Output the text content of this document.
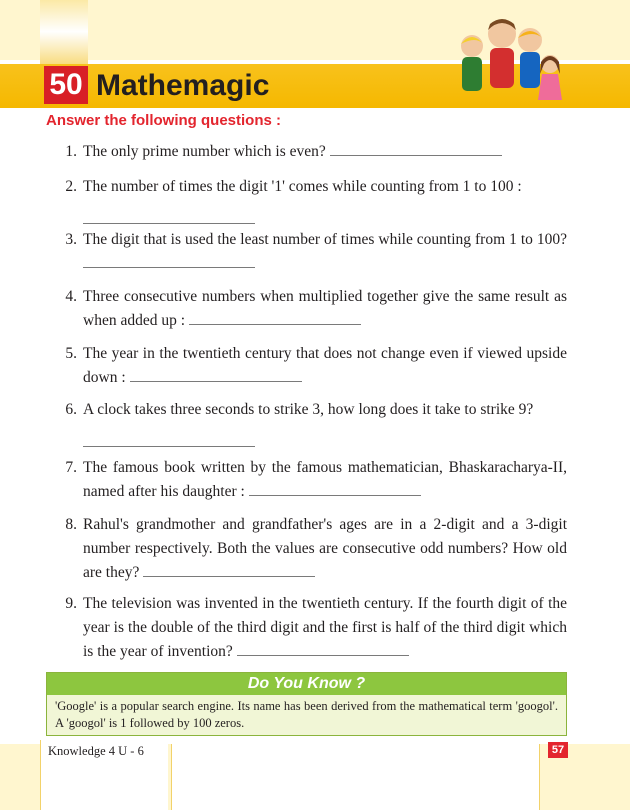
50 Mathemagic
Answer the following questions :
1. The only prime number which is even?
2. The number of times the digit '1' comes while counting from 1 to 100 :
3. The digit that is used the least number of times while counting from 1 to 100?
4. Three consecutive numbers when multiplied together give the same result as when added up :
5. The year in the twentieth century that does not change even if viewed upside down :
6. A clock takes three seconds to strike 3, how long does it take to strike 9?
7. The famous book written by the famous mathematician, Bhaskaracharya-II, named after his daughter :
8. Rahul's grandmother and grandfather's ages are in a 2-digit and a 3-digit number respectively. Both the values are consecutive odd numbers? How old are they?
9. The television was invented in the twentieth century. If the fourth digit of the year is the double of the third digit and the first is half of the third digit which is the year of invention?
Do You Know ?
'Google' is a popular search engine. Its name has been derived from the mathematical term 'googol'. A 'googol' is 1 followed by 100 zeros.
Knowledge 4 U - 6	57
